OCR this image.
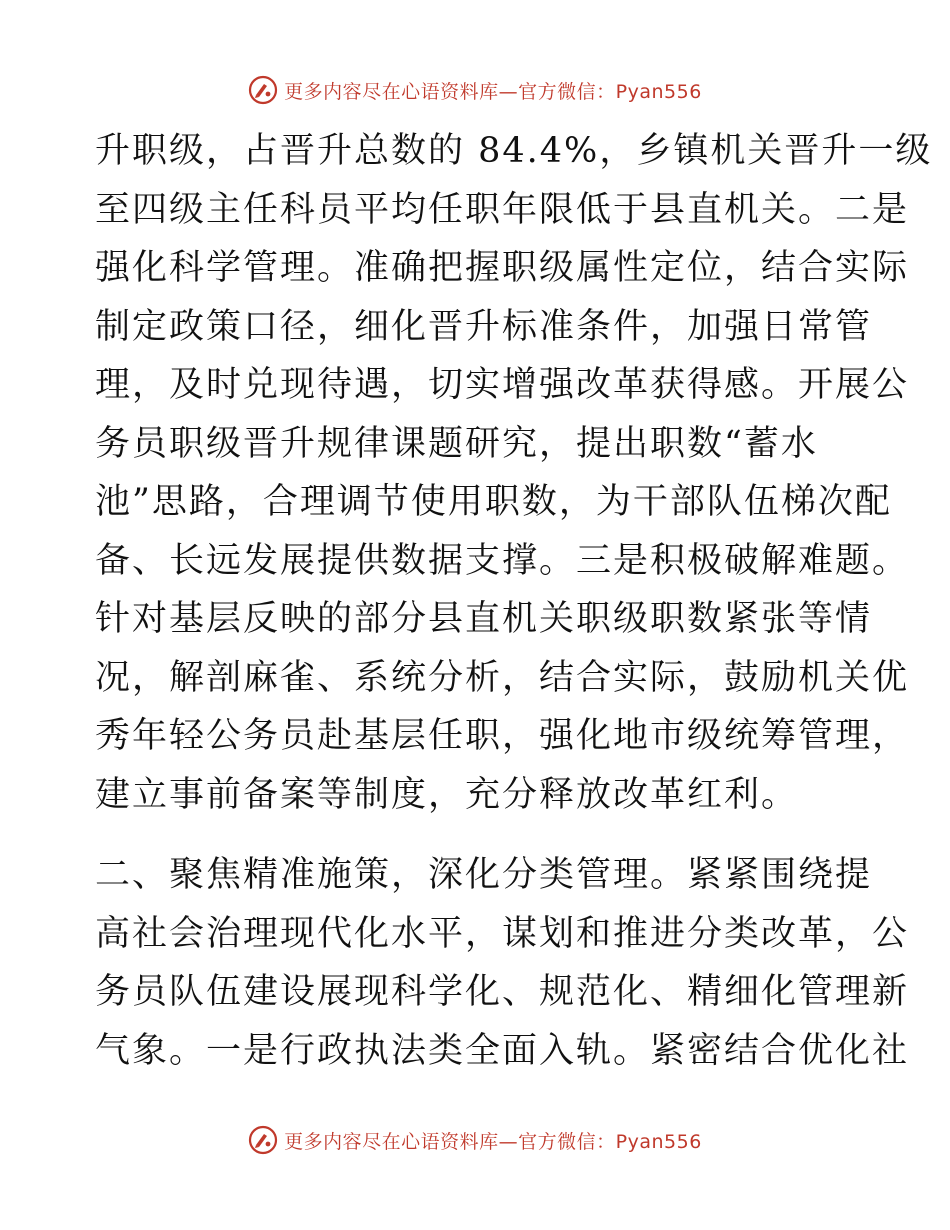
更多内容尽在心语资料库—官方微信：Pyan556
升职级，占晋升总数的 84.4%，乡镇机关晋升一级
至四级主任科员平均任职年限低于县直机关。二是
强化科学管理。准确把握职级属性定位，结合实际
制定政策口径，细化晋升标准条件，加强日常管
理，及时兑现待遇，切实增强改革获得感。开展公
务员职级晋升规律课题研究，提出职数“蓄水
池”思路，合理调节使用职数，为干部队伍梯次配
备、长远发展提供数据支撑。三是积极破解难题。
针对基层反映的部分县直机关职级职数紧张等情
况，解剖麻雀、系统分析，结合实际，鼓励机关优
秀年轻公务员赴基层任职，强化地市级统筹管理，
建立事前备案等制度，充分释放改革红利。
二、聚焦精准施策，深化分类管理。紧紧围绕提
高社会治理现代化水平，谋划和推进分类改革，公
务员队伍建设展现科学化、规范化、精细化管理新
气象。一是行政执法类全面入轨。紧密结合优化社
更多内容尽在心语资料库—官方微信：Pyan556
